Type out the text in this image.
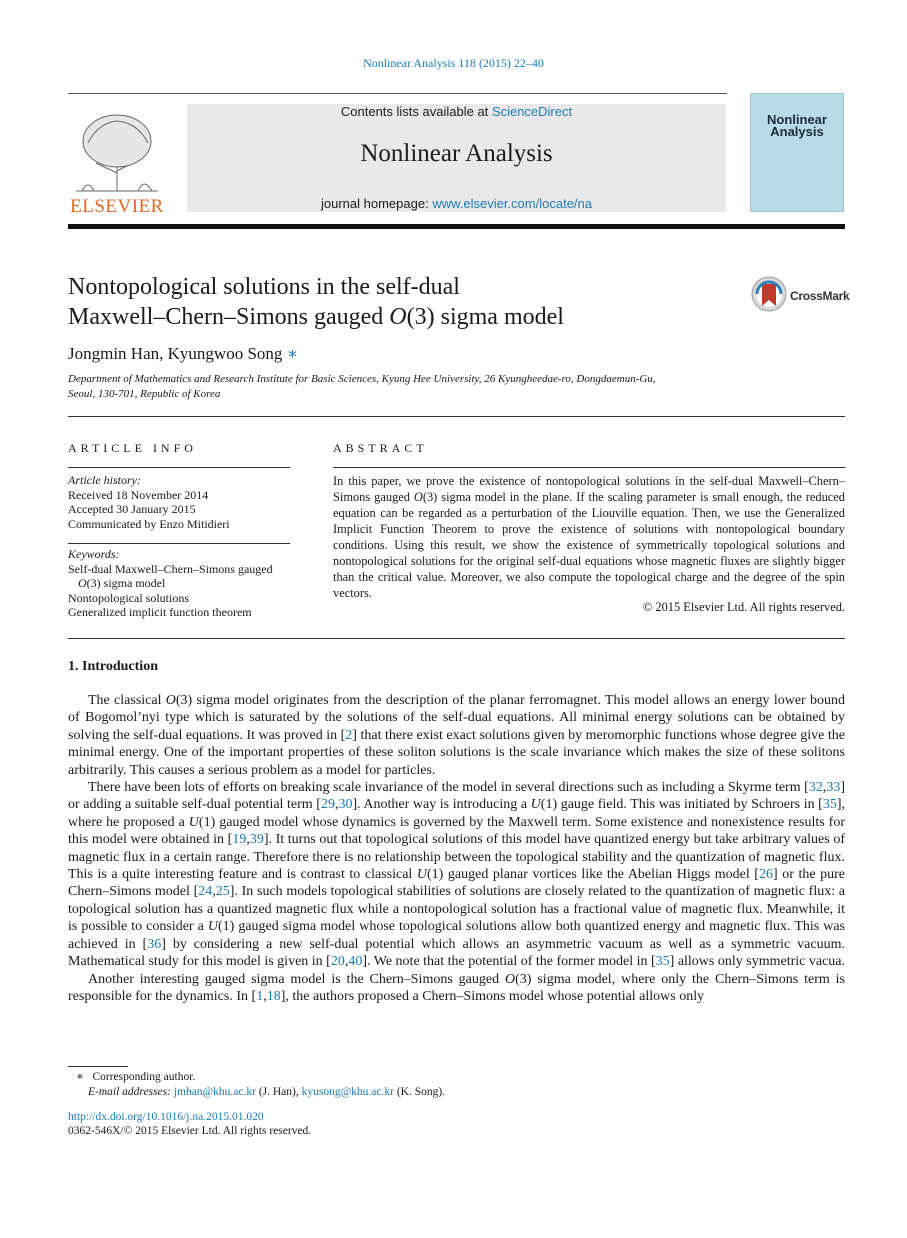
Nonlinear Analysis 118 (2015) 22–40
ELSEVIER
Contents lists available at ScienceDirect
Nonlinear Analysis
journal homepage: www.elsevier.com/locate/na
Nonlinear Analysis
Nontopological solutions in the self-dual
Maxwell–Chern–Simons gauged O(3) sigma model
CrossMark
Jongmin Han, Kyungwoo Song ∗
Department of Mathematics and Research Institute for Basic Sciences, Kyung Hee University, 26 Kyungheedae-ro, Dongdaemun-Gu,
Seoul, 130-701, Republic of Korea
ARTICLE INFO	ABSTRACT
Article history:
Received 18 November 2014
Accepted 30 January 2015
Communicated by Enzo Mitidieri
Keywords:
Self-dual Maxwell–Chern–Simons gauged
O(3) sigma model
Nontopological solutions
Generalized implicit function theorem
In this paper, we prove the existence of nontopological solutions in the self-dual Maxwell–Chern–Simons gauged O(3) sigma model in the plane. If the scaling parameter is small enough, the reduced equation can be regarded as a perturbation of the Liouville equation. Then, we use the Generalized Implicit Function Theorem to prove the existence of solutions with nontopological boundary conditions. Using this result, we show the existence of symmetrically topological solutions and nontopological solutions for the original self-dual equations whose magnetic fluxes are slightly bigger than the critical value. Moreover, we also compute the topological charge and the degree of the spin vectors.
© 2015 Elsevier Ltd. All rights reserved.
1. Introduction

The classical O(3) sigma model originates from the description of the planar ferromagnet. This model allows an energy lower bound of Bogomol’nyi type which is saturated by the solutions of the self-dual equations. All minimal energy solutions can be obtained by solving the self-dual equations. It was proved in [2] that there exist exact solutions given by meromorphic functions whose degree give the minimal energy. One of the important properties of these soliton solutions is the scale invariance which makes the size of these solitons arbitrarily. This causes a serious problem as a model for particles.

There have been lots of efforts on breaking scale invariance of the model in several directions such as including a Skyrme term [32,33] or adding a suitable self-dual potential term [29,30]. Another way is introducing a U(1) gauge field. This was initiated by Schroers in [35], where he proposed a U(1) gauged model whose dynamics is governed by the Maxwell term. Some existence and nonexistence results for this model were obtained in [19,39]. It turns out that topological solutions of this model have quantized energy but take arbitrary values of magnetic flux in a certain range. Therefore there is no relationship between the topological stability and the quantization of magnetic flux. This is a quite interesting feature and is contrast to classical U(1) gauged planar vortices like the Abelian Higgs model [26] or the pure Chern–Simons model [24,25]. In such models topological stabilities of solutions are closely related to the quantization of magnetic flux: a topological solution has a quantized magnetic flux while a nontopological solution has a fractional value of magnetic flux. Meanwhile, it is possible to consider a U(1) gauged sigma model whose topological solutions allow both quantized energy and magnetic flux. This was achieved in [36] by considering a new self-dual potential which allows an asymmetric vacuum as well as a symmetric vacuum. Mathematical study for this model is given in [20,40]. We note that the potential of the former model in [35] allows only symmetric vacua.

Another interesting gauged sigma model is the Chern–Simons gauged O(3) sigma model, where only the Chern–Simons term is responsible for the dynamics. In [1,18], the authors proposed a Chern–Simons model whose potential allows only

∗ Corresponding author.
E-mail addresses: jmhan@khu.ac.kr (J. Han), kyusong@khu.ac.kr (K. Song).
http://dx.doi.org/10.1016/j.na.2015.01.020
0362-546X/© 2015 Elsevier Ltd. All rights reserved.
